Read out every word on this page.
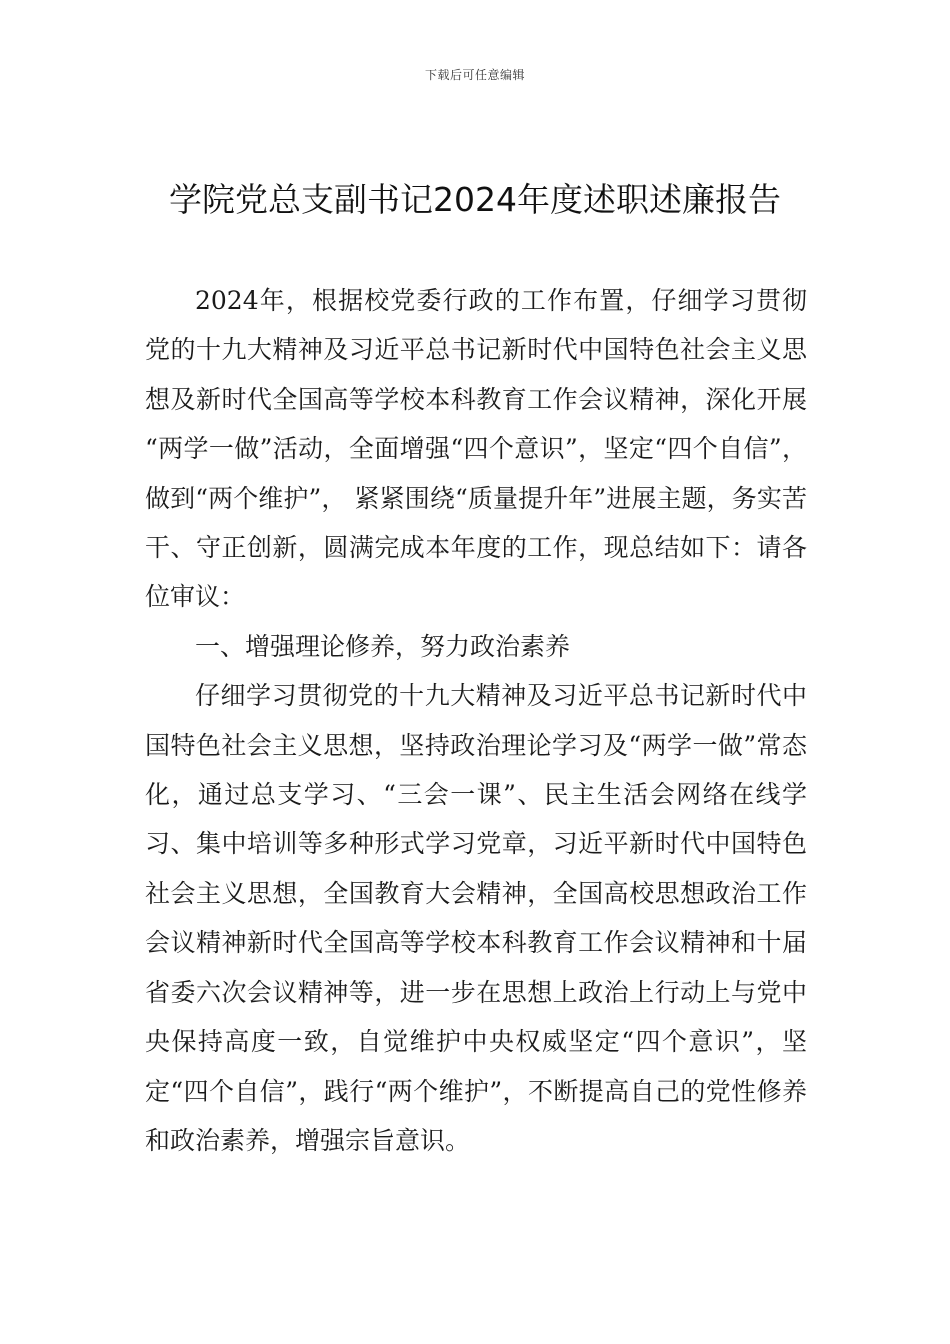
下载后可任意编辑
学院党总支副书记2024年度述职述廉报告

2024年，根据校党委行政的工作布置，仔细学习贯彻党的十九大精神及习近平总书记新时代中国特色社会主义思想及新时代全国高等学校本科教育工作会议精神，深化开展 “两学一做”活动，全面增强“四个意识”，坚定“四个自信”，做到“两个维护”， 紧紧围绕“质量提升年”进展主题，务实苦干、守正创新，圆满完成本年度的工作，现总结如下：请各位审议：

一、增强理论修养，努力政治素养

仔细学习贯彻党的十九大精神及习近平总书记新时代中国特色社会主义思想，坚持政治理论学习及“两学一做”常态化，通过总支学习、“三会一课”、民主生活会网络在线学习、集中培训等多种形式学习党章，习近平新时代中国特色社会主义思想，全国教育大会精神，全国高校思想政治工作会议精神新时代全国高等学校本科教育工作会议精神和十届省委六次会议精神等，进一步在思想上政治上行动上与党中央保持高度一致，自觉维护中央权威坚定“四个意识”，坚定“四个自信”，践行“两个维护”，不断提高自己的党性修养和政治素养，增强宗旨意识。
